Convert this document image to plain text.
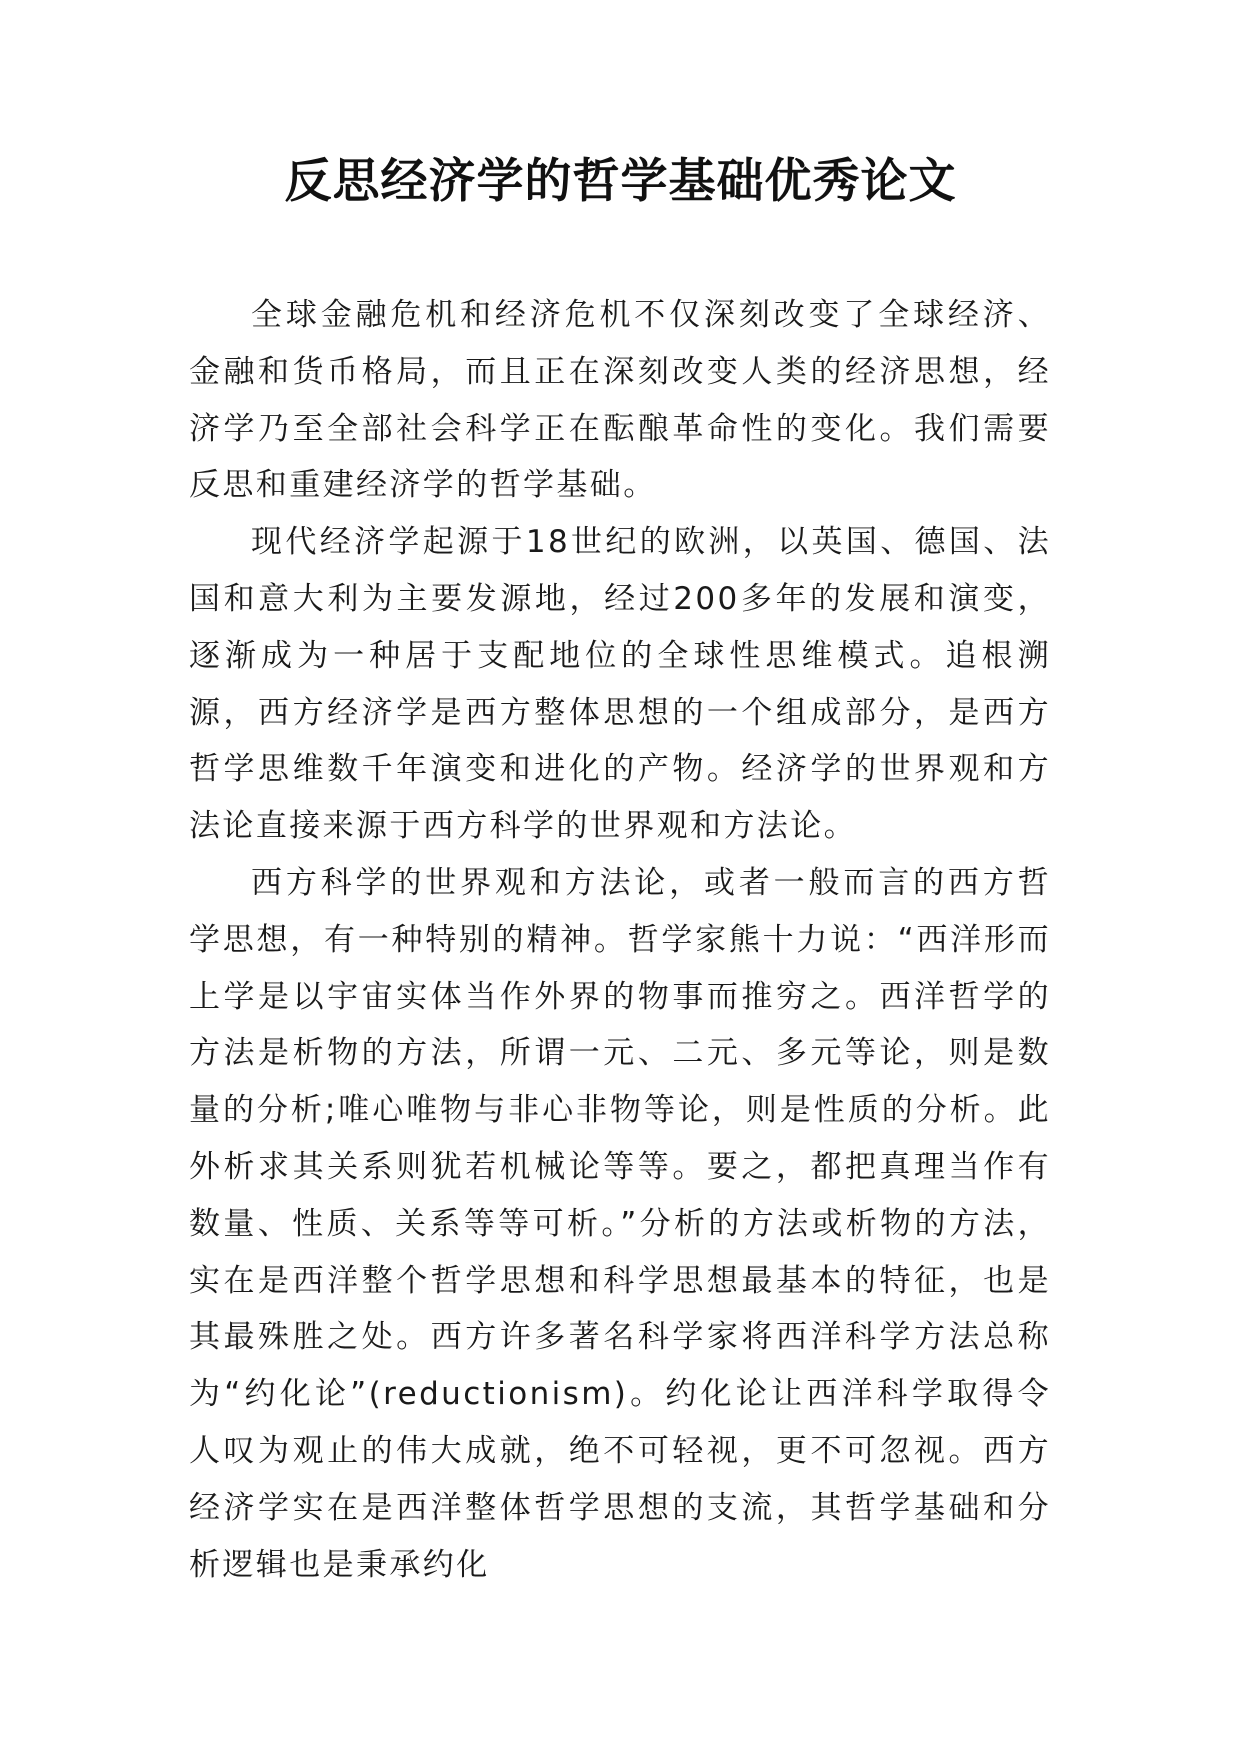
反思经济学的哲学基础优秀论文

全球金融危机和经济危机不仅深刻改变了全球经济、金融和货币格局，而且正在深刻改变人类的经济思想，经济学乃至全部社会科学正在酝酿革命性的变化。我们需要反思和重建经济学的哲学基础。

现代经济学起源于18世纪的欧洲，以英国、德国、法国和意大利为主要发源地，经过200多年的发展和演变，逐渐成为一种居于支配地位的全球性思维模式。追根溯源，西方经济学是西方整体思想的一个组成部分，是西方哲学思维数千年演变和进化的产物。经济学的世界观和方法论直接来源于西方科学的世界观和方法论。

西方科学的世界观和方法论，或者一般而言的西方哲学思想，有一种特别的精神。哲学家熊十力说：“西洋形而上学是以宇宙实体当作外界的物事而推穷之。西洋哲学的方法是析物的方法，所谓一元、二元、多元等论，则是数量的分析;唯心唯物与非心非物等论，则是性质的分析。此外析求其关系则犹若机械论等等。要之，都把真理当作有数量、性质、关系等等可析。”分析的方法或析物的方法，实在是西洋整个哲学思想和科学思想最基本的特征，也是其最殊胜之处。西方许多著名科学家将西洋科学方法总称为“约化论”(reductionism)。约化论让西洋科学取得令人叹为观止的伟大成就，绝不可轻视，更不可忽视。西方经济学实在是西洋整体哲学思想的支流，其哲学基础和分析逻辑也是秉承约化
